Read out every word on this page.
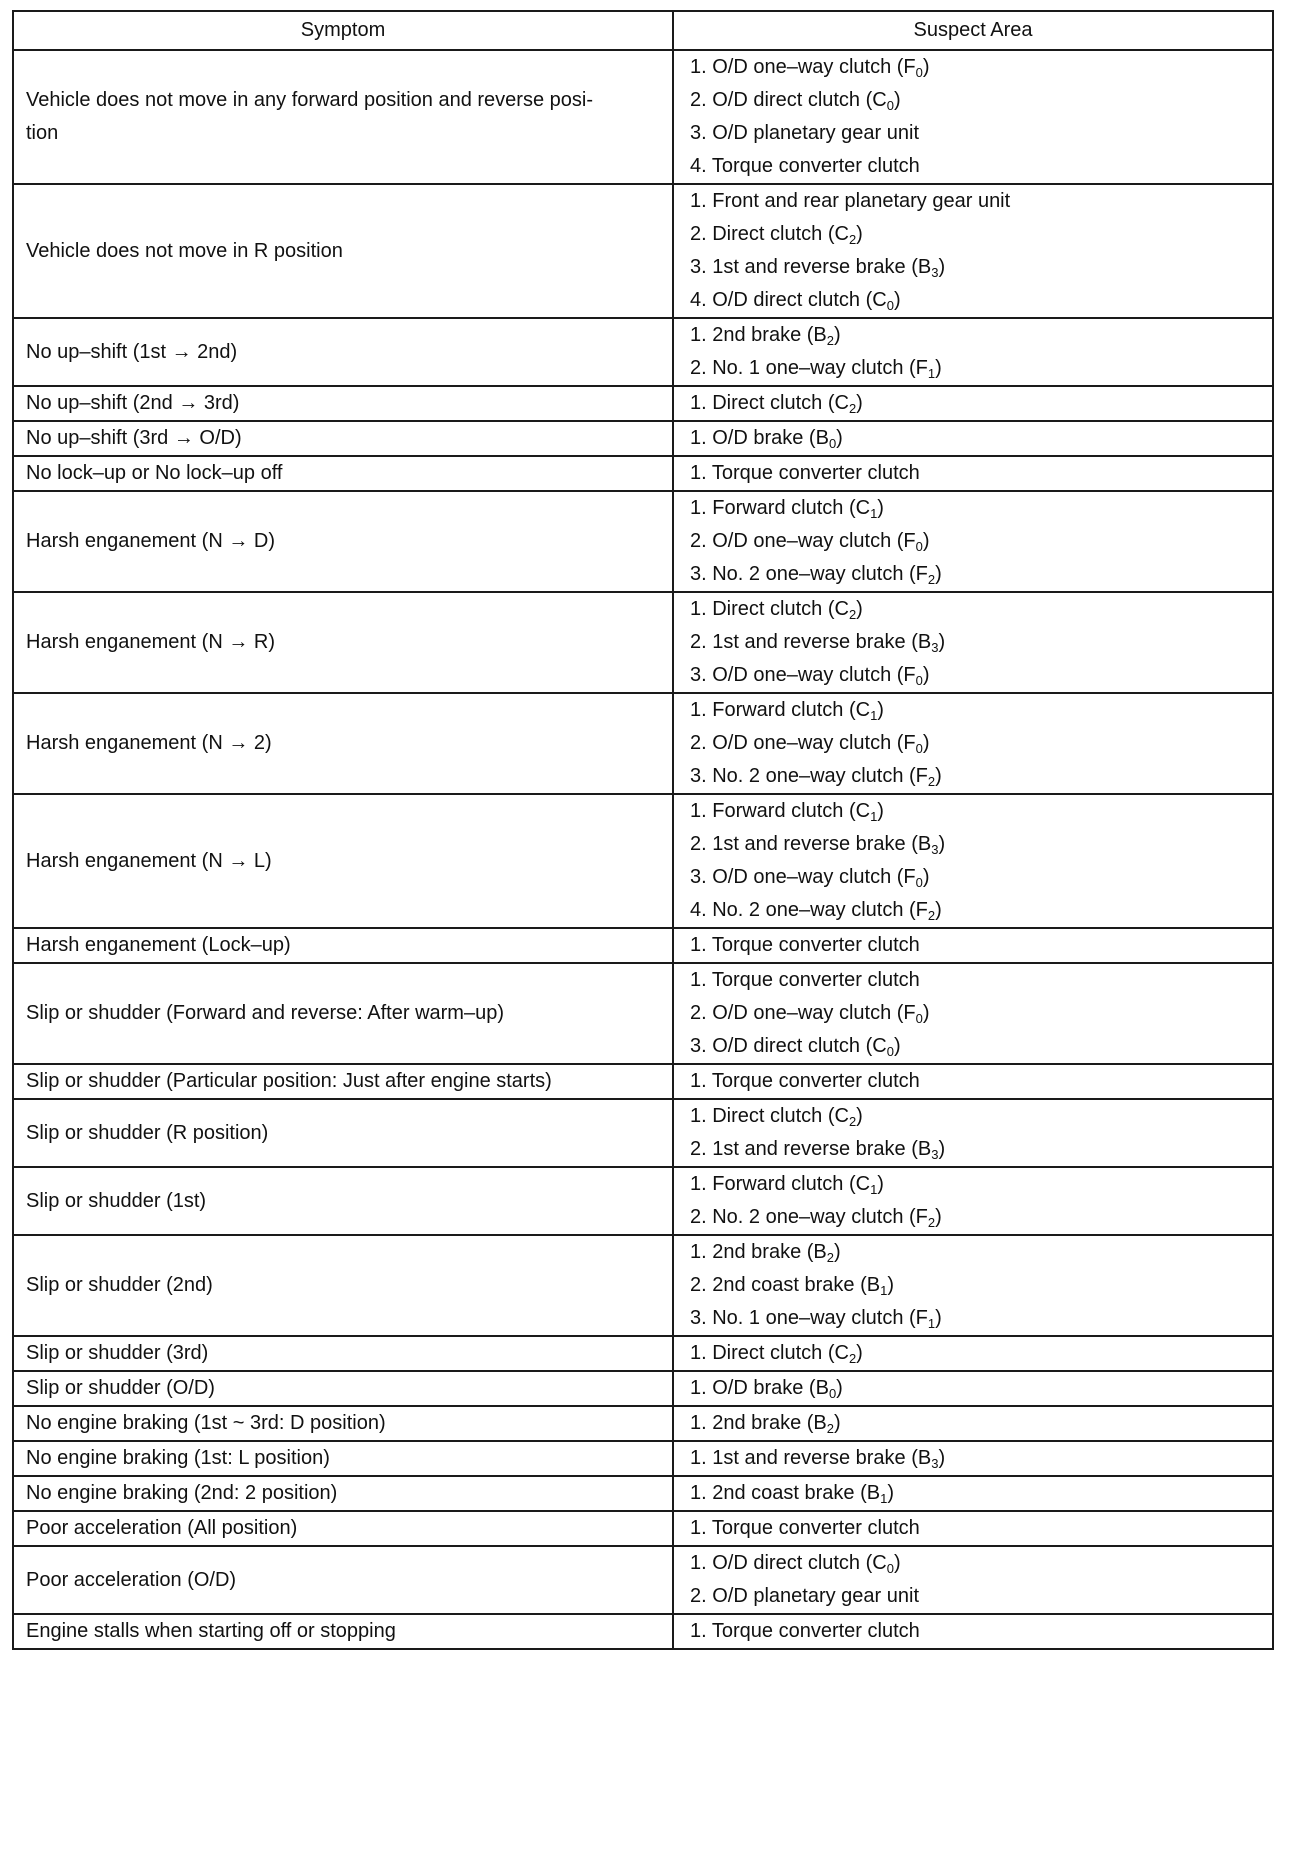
Symptom	Suspect Area
Vehicle does not move in any forward position and reverse posi-
tion	1. O/D one–way clutch $(F_0)$
2. O/D direct clutch $(C_0)$
3. O/D planetary gear unit
4. Torque converter clutch

Vehicle does not move in R position	1. Front and rear planetary gear unit
2. Direct clutch $(C_2)$
3. 1st and reverse brake $(B_3)$
4. O/D direct clutch $(C_0)$

No up–shift (1st → 2nd)	1. 2nd brake $(B_2)$
2. No. 1 one–way clutch $(F_1)$

No up–shift (2nd → 3rd)	1. Direct clutch $(C_2)$

No up–shift (3rd → O/D)	1. O/D brake $(B_0)$

No lock–up or No lock–up off	1. Torque converter clutch

Harsh enganement (N → D)	1. Forward clutch $(C_1)$
2. O/D one–way clutch $(F_0)$
3. No. 2 one–way clutch $(F_2)$

Harsh enganement (N → R)	1. Direct clutch $(C_2)$
2. 1st and reverse brake $(B_3)$
3. O/D one–way clutch $(F_0)$

Harsh enganement (N → 2)	1. Forward clutch $(C_1)$
2. O/D one–way clutch $(F_0)$
3. No. 2 one–way clutch $(F_2)$

Harsh enganement (N → L)	1. Forward clutch $(C_1)$
2. 1st and reverse brake $(B_3)$
3. O/D one–way clutch $(F_0)$
4. No. 2 one–way clutch $(F_2)$

Harsh enganement (Lock–up)	1. Torque converter clutch

Slip or shudder (Forward and reverse: After warm–up)	1. Torque converter clutch
2. O/D one–way clutch $(F_0)$
3. O/D direct clutch $(C_0)$

Slip or shudder (Particular position: Just after engine starts)	1. Torque converter clutch

Slip or shudder (R position)	1. Direct clutch $(C_2)$
2. 1st and reverse brake $(B_3)$

Slip or shudder (1st)	1. Forward clutch $(C_1)$
2. No. 2 one–way clutch $(F_2)$

Slip or shudder (2nd)	1. 2nd brake $(B_2)$
2. 2nd coast brake $(B_1)$
3. No. 1 one–way clutch $(F_1)$

Slip or shudder (3rd)	1. Direct clutch $(C_2)$

Slip or shudder (O/D)	1. O/D brake $(B_0)$

No engine braking (1st ~ 3rd: D position)	1. 2nd brake $(B_2)$

No engine braking (1st: L position)	1. 1st and reverse brake $(B_3)$

No engine braking (2nd: 2 position)	1. 2nd coast brake $(B_1)$

Poor acceleration (All position)	1. Torque converter clutch

Poor acceleration (O/D)	1. O/D direct clutch $(C_0)$
2. O/D planetary gear unit

Engine stalls when starting off or stopping	1. Torque converter clutch
